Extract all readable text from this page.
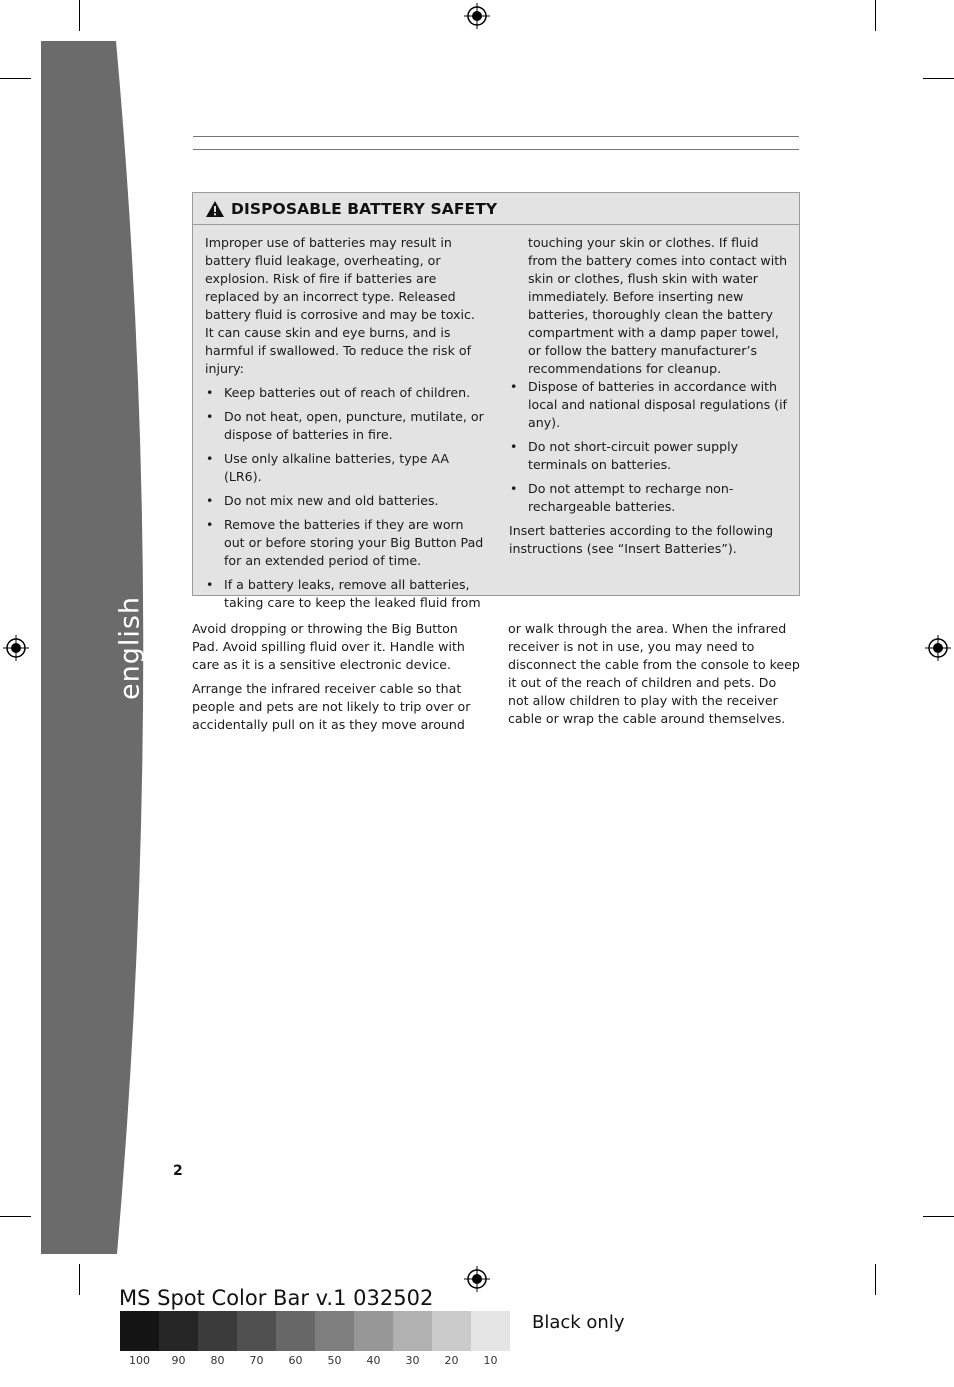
english
DISPOSABLE BATTERY SAFETY

Improper use of batteries may result in battery fluid leakage, overheating, or explosion. Risk of fire if batteries are replaced by an incorrect type. Released battery fluid is corrosive and may be toxic. It can cause skin and eye burns, and is harmful if swallowed. To reduce the risk of injury:

• Keep batteries out of reach of children.
• Do not heat, open, puncture, mutilate, or dispose of batteries in fire.
• Use only alkaline batteries, type AA (LR6).
• Do not mix new and old batteries.
• Remove the batteries if they are worn out or before storing your Big Button Pad for an extended period of time.
• If a battery leaks, remove all batteries, taking care to keep the leaked fluid from

touching your skin or clothes. If fluid from the battery comes into contact with skin or clothes, flush skin with water immediately. Before inserting new batteries, thoroughly clean the battery compartment with a damp paper towel, or follow the battery manufacturer’s recommendations for cleanup.

• Dispose of batteries in accordance with local and national disposal regulations (if any).
• Do not short-circuit power supply terminals on batteries.
• Do not attempt to recharge non-rechargeable batteries.

Insert batteries according to the following instructions (see “Insert Batteries”).

Avoid dropping or throwing the Big Button Pad. Avoid spilling fluid over it. Handle with care as it is a sensitive electronic device.

Arrange the infrared receiver cable so that people and pets are not likely to trip over or accidentally pull on it as they move around

or walk through the area. When the infrared receiver is not in use, you may need to disconnect the cable from the console to keep it out of the reach of children and pets. Do not allow children to play with the receiver cable or wrap the cable around themselves.

2
MS Spot Color Bar v.1 032502
100	90	80	70	60	50	40	30	20	10
Black only
